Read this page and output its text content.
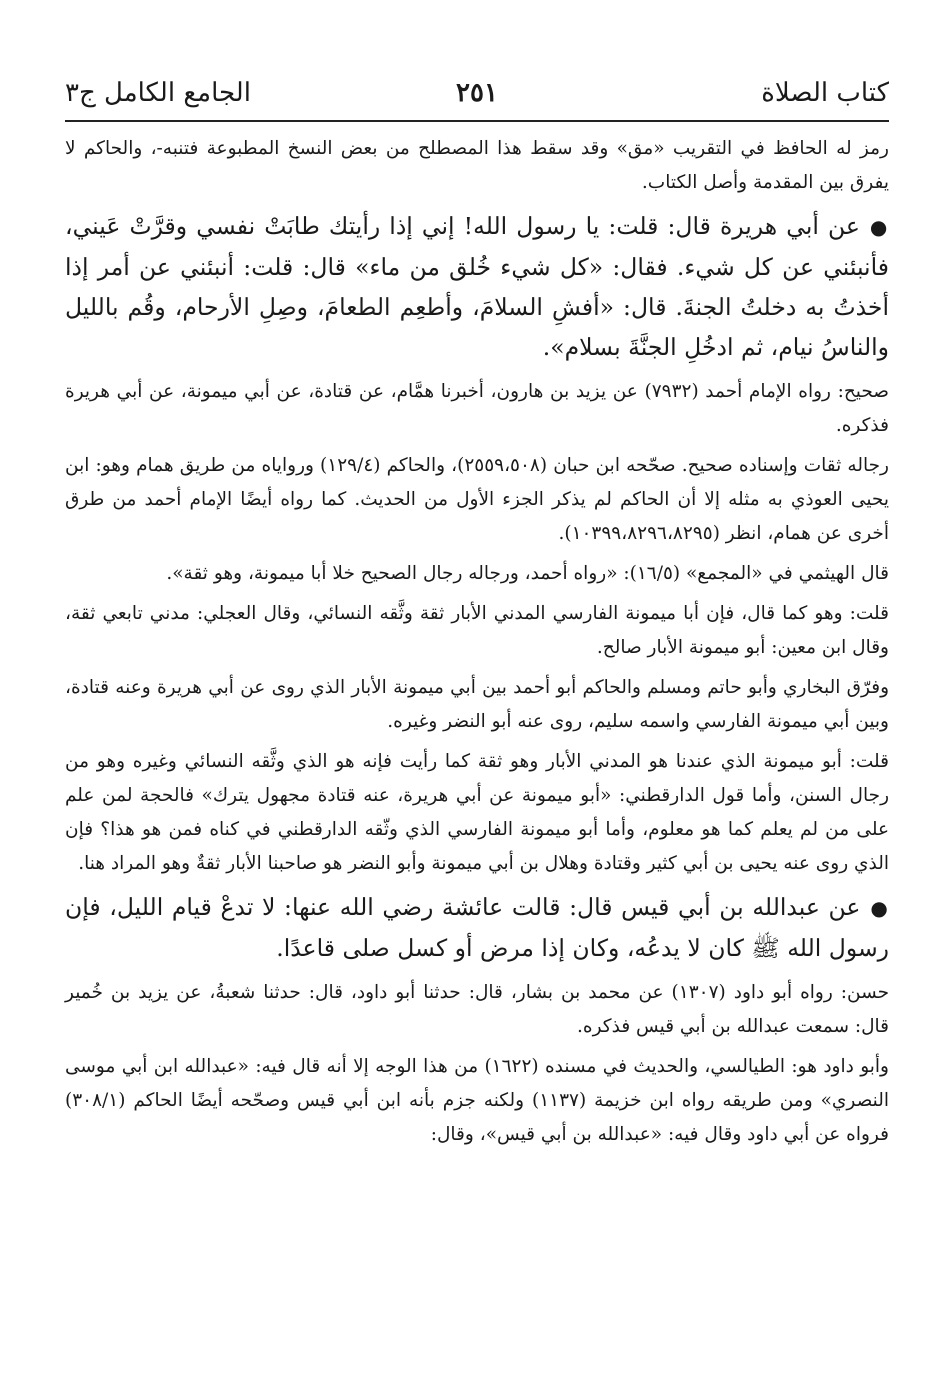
كتاب الصلاة
٢٥١
الجامع الكامل ج٣

رمز له الحافظ في التقريب «مق» وقد سقط هذا المصطلح من بعض النسخ المطبوعة فتنبه-، والحاكم لا يفرق بين المقدمة وأصل الكتاب.

●عن أبي هريرة قال: قلت: يا رسول الله! إني إذا رأيتك طابَتْ نفسي وقرَّتْ عَيني، فأنبئني عن كل شيء. فقال: «كل شيء خُلق من ماء» قال: قلت: أنبئني عن أمر إذا أخذتُ به دخلتُ الجنةَ. قال: «أفشِ السلامَ، وأطعِم الطعامَ، وصِلِ الأرحام، وقُم بالليل والناسُ نيام، ثم ادخُلِ الجنَّةَ بسلام».

صحيح: رواه الإمام أحمد (٧٩٣٢) عن يزيد بن هارون، أخبرنا همَّام، عن قتادة، عن أبي ميمونة، عن أبي هريرة فذكره.

رجاله ثقات وإسناده صحيح. صحّحه ابن حبان (٢٥٥٩،٥٠٨)، والحاكم (١٢٩/٤) ورواياه من طريق همام وهو: ابن يحيى العوذي به مثله إلا أن الحاكم لم يذكر الجزء الأول من الحديث. كما رواه أيضًا الإمام أحمد من طرق أخرى عن همام، انظر (١٠٣٩٩،٨٢٩٦،٨٢٩٥).

قال الهيثمي في «المجمع» (١٦/٥): «رواه أحمد، ورجاله رجال الصحيح خلا أبا ميمونة، وهو ثقة».

قلت: وهو كما قال، فإن أبا ميمونة الفارسي المدني الأبار ثقة وثَّقه النسائي، وقال العجلي: مدني تابعي ثقة، وقال ابن معين: أبو ميمونة الأبار صالح.

وفرّق البخاري وأبو حاتم ومسلم والحاكم أبو أحمد بين أبي ميمونة الأبار الذي روى عن أبي هريرة وعنه قتادة، وبين أبي ميمونة الفارسي واسمه سليم، روى عنه أبو النضر وغيره.

قلت: أبو ميمونة الذي عندنا هو المدني الأبار وهو ثقة كما رأيت فإنه هو الذي وثَّقه النسائي وغيره وهو من رجال السنن، وأما قول الدارقطني: «أبو ميمونة عن أبي هريرة، عنه قتادة مجهول يترك» فالحجة لمن علم على من لم يعلم كما هو معلوم، وأما أبو ميمونة الفارسي الذي وثّقه الدارقطني في كناه فمن هو هذا؟ فإن الذي روى عنه يحيى بن أبي كثير وقتادة وهلال بن أبي ميمونة وأبو النضر هو صاحبنا الأبار ثقةٌ وهو المراد هنا.

●عن عبدالله بن أبي قيس قال: قالت عائشة رضي الله عنها: لا تدعْ قيام الليل، فإن رسول الله ﷺ كان لا يدعُه، وكان إذا مرض أو كسل صلى قاعدًا.

حسن: رواه أبو داود (١٣٠٧) عن محمد بن بشار، قال: حدثنا أبو داود، قال: حدثنا شعبةُ، عن يزيد بن خُمير قال: سمعت عبدالله بن أبي قيس فذكره.

وأبو داود هو: الطيالسي، والحديث في مسنده (١٦٢٢) من هذا الوجه إلا أنه قال فيه: «عبدالله ابن أبي موسى النصري» ومن طريقه رواه ابن خزيمة (١١٣٧) ولكنه جزم بأنه ابن أبي قيس وصحّحه أيضًا الحاكم (٣٠٨/١) فرواه عن أبي داود وقال فيه: «عبدالله بن أبي قيس»، وقال:
